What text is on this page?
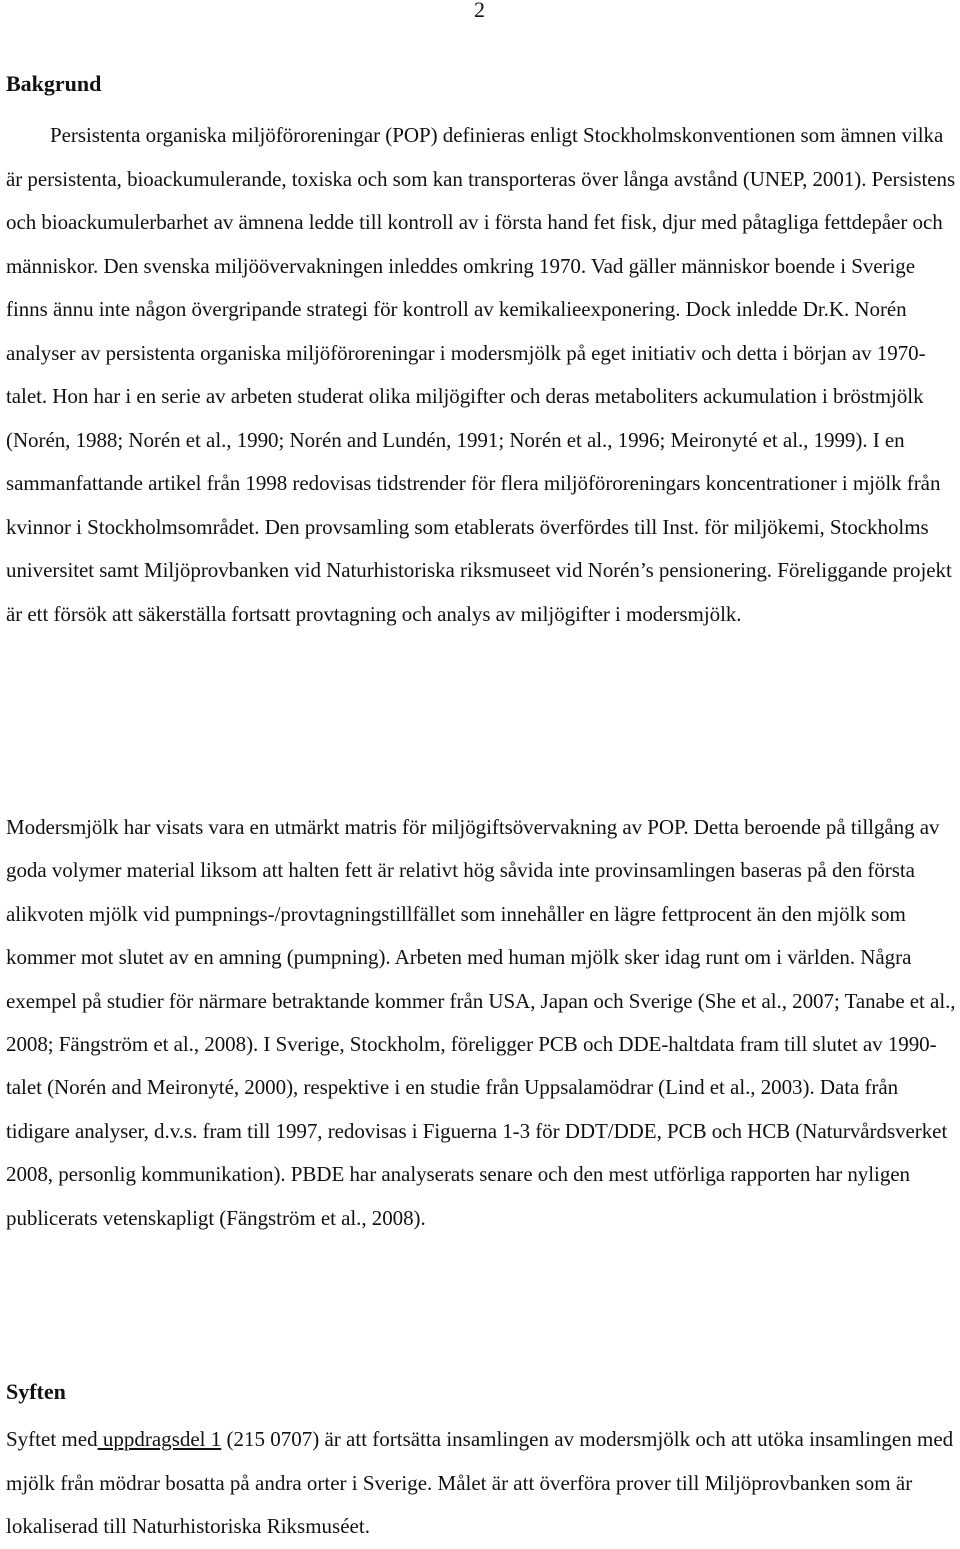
2
Bakgrund

Persistenta organiska miljöföroreningar (POP) definieras enligt Stockholmskonventionen som ämnen vilka är persistenta, bioackumulerande, toxiska och som kan transporteras över långa avstånd (UNEP, 2001). Persistens och bioackumulerbarhet av ämnena ledde till kontroll av i första hand fet fisk, djur med påtagliga fettdepåer och människor. Den svenska miljöövervakningen inleddes omkring 1970. Vad gäller människor boende i Sverige finns ännu inte någon övergripande strategi för kontroll av kemikalieexponering. Dock inledde Dr.K. Norén analyser av persistenta organiska miljöföroreningar i modersmjölk på eget initiativ och detta i början av 1970-talet. Hon har i en serie av arbeten studerat olika miljögifter och deras metaboliters ackumulation i bröstmjölk (Norén, 1988; Norén et al., 1990; Norén and Lundén, 1991; Norén et al., 1996; Meironyté et al., 1999). I en sammanfattande artikel från 1998 redovisas tidstrender för flera miljöföroreningars koncentrationer i mjölk från kvinnor i Stockholmsområdet. Den provsamling som etablerats överfördes till Inst. för miljökemi, Stockholms universitet samt Miljöprovbanken vid Naturhistoriska riksmuseet vid Norén’s pensionering. Föreliggande projekt är ett försök att säkerställa fortsatt provtagning och analys av miljögifter i modersmjölk.

Modersmjölk har visats vara en utmärkt matris för miljögiftsövervakning av POP. Detta beroende på tillgång av goda volymer material liksom att halten fett är relativt hög såvida inte provinsamlingen baseras på den första alikvoten mjölk vid pumpnings-/provtagningstillfället som innehåller en lägre fettprocent än den mjölk som kommer mot slutet av en amning (pumpning). Arbeten med human mjölk sker idag runt om i världen. Några exempel på studier för närmare betraktande kommer från USA, Japan och Sverige (She et al., 2007; Tanabe et al., 2008; Fängström et al., 2008). I Sverige, Stockholm, föreligger PCB och DDE-haltdata fram till slutet av 1990-talet (Norén and Meironyté, 2000), respektive i en studie från Uppsalamödrar (Lind et al., 2003). Data från tidigare analyser, d.v.s. fram till 1997, redovisas i Figuerna 1-3 för DDT/DDE, PCB och HCB (Naturvårdsverket 2008, personlig kommunikation). PBDE har analyserats senare och den mest utförliga rapporten har nyligen publicerats vetenskapligt (Fängström et al., 2008).

Syften

Syftet med uppdragsdel 1 (215 0707) är att fortsätta insamlingen av modersmjölk och att utöka insamlingen med mjölk från mödrar bosatta på andra orter i Sverige. Målet är att överföra prover till Miljöprovbanken som är lokaliserad till Naturhistoriska Riksmuséet.
